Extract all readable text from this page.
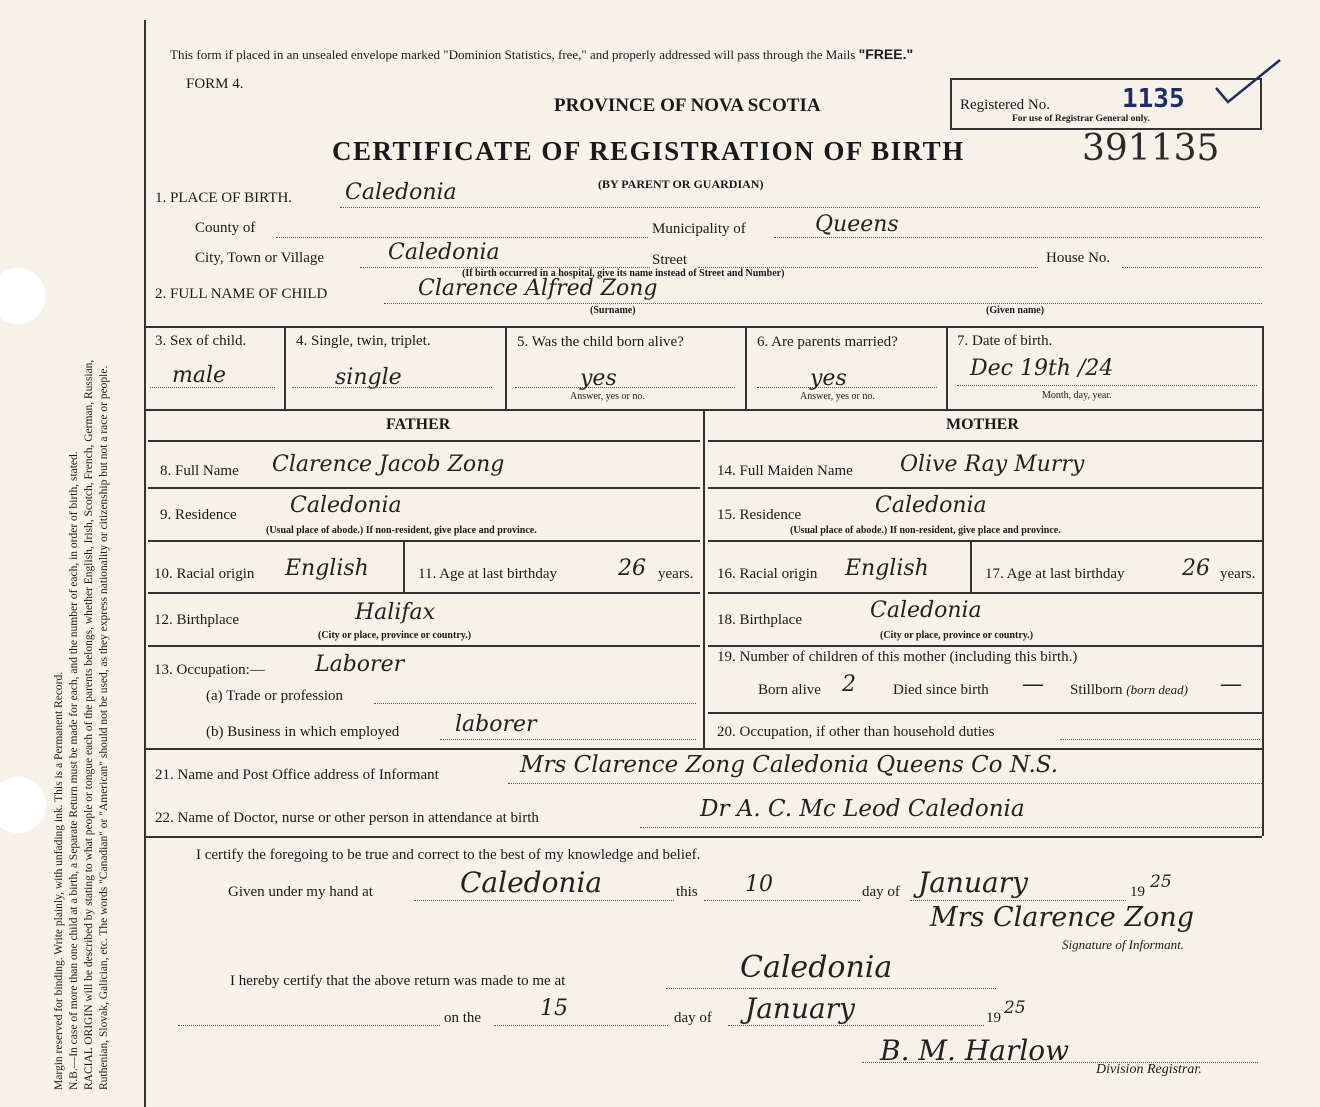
Margin reserved for binding. Write plainly, with unfading ink. This is a Permanent Record. N.B.—In case of more than one child at a birth, a Separate Return must be made for each, and the number of each, in order of birth, stated. RACIAL ORIGIN will be described by stating to what people or tongue each of the parents belongs, whether English, Irish, Scotch, French, German, Russian, Ruthenian, Slovak, Galician, etc. The words "Canadian" or "American" should not be used, as they express nationality or citizenship but not a race or people.

This form if placed in an unsealed envelope marked "Dominion Statistics, free," and properly addressed will pass through the Mails "FREE."
FORM 4.
PROVINCE OF NOVA SCOTIA
CERTIFICATE OF REGISTRATION OF BIRTH	391135
(BY PARENT OR GUARDIAN)
Registered No.	1135
For use of Registrar General only.
1. PLACE OF BIRTH. Caledonia
County of	Municipality of	Queens
City, Town or Village	Caledonia	Street	House No.
(If birth occurred in a hospital, give its name instead of Street and Number)
2. FULL NAME OF CHILD	Clarence Alfred Zong
(Surname)	(Given name)
3. Sex of child.
male
4. Single, twin, triplet.
single
5. Was the child born alive?
yes
Answer, yes or no.
6. Are parents married?
yes
Answer, yes or no.
7. Date of birth.
Dec 19th /24
Month, day, year.
FATHER	MOTHER
8. Full Name Clarence Jacob Zong
9. Residence Caledonia
(Usual place of abode.) If non-resident, give place and province.
10. Racial origin English	11. Age at last birthday	26 years.
12. Birthplace	Halifax
(City or place, province or country.)
13. Occupation:— Laborer
(a) Trade or profession
(b) Business in which employed	laborer
14. Full Maiden Name Olive Ray Murry
15. Residence	Caledonia
(Usual place of abode.) If non-resident, give place and province.
16. Racial origin English	17. Age at last birthday	26 years.
18. Birthplace	Caledonia
(City or place, province or country.)
19. Number of children of this mother (including this birth.)
Born alive 2 Died since birth — Stillborn (born dead) —
20. Occupation, if other than household duties
21. Name and Post Office address of Informant	Mrs Clarence Zong Caledonia Queens Co N.S.
22. Name of Doctor, nurse or other person in attendance at birth	Dr A. C. Mc Leod Caledonia
I certify the foregoing to be true and correct to the best of my knowledge and belief.
Given under my hand at	Caledonia	this 10	day of January	19 25
Mrs Clarence Zong
Signature of Informant.
I hereby certify that the above return was made to me at	Caledonia
on the	15	day of January	19 25
B. M. Harlow
Division Registrar.
